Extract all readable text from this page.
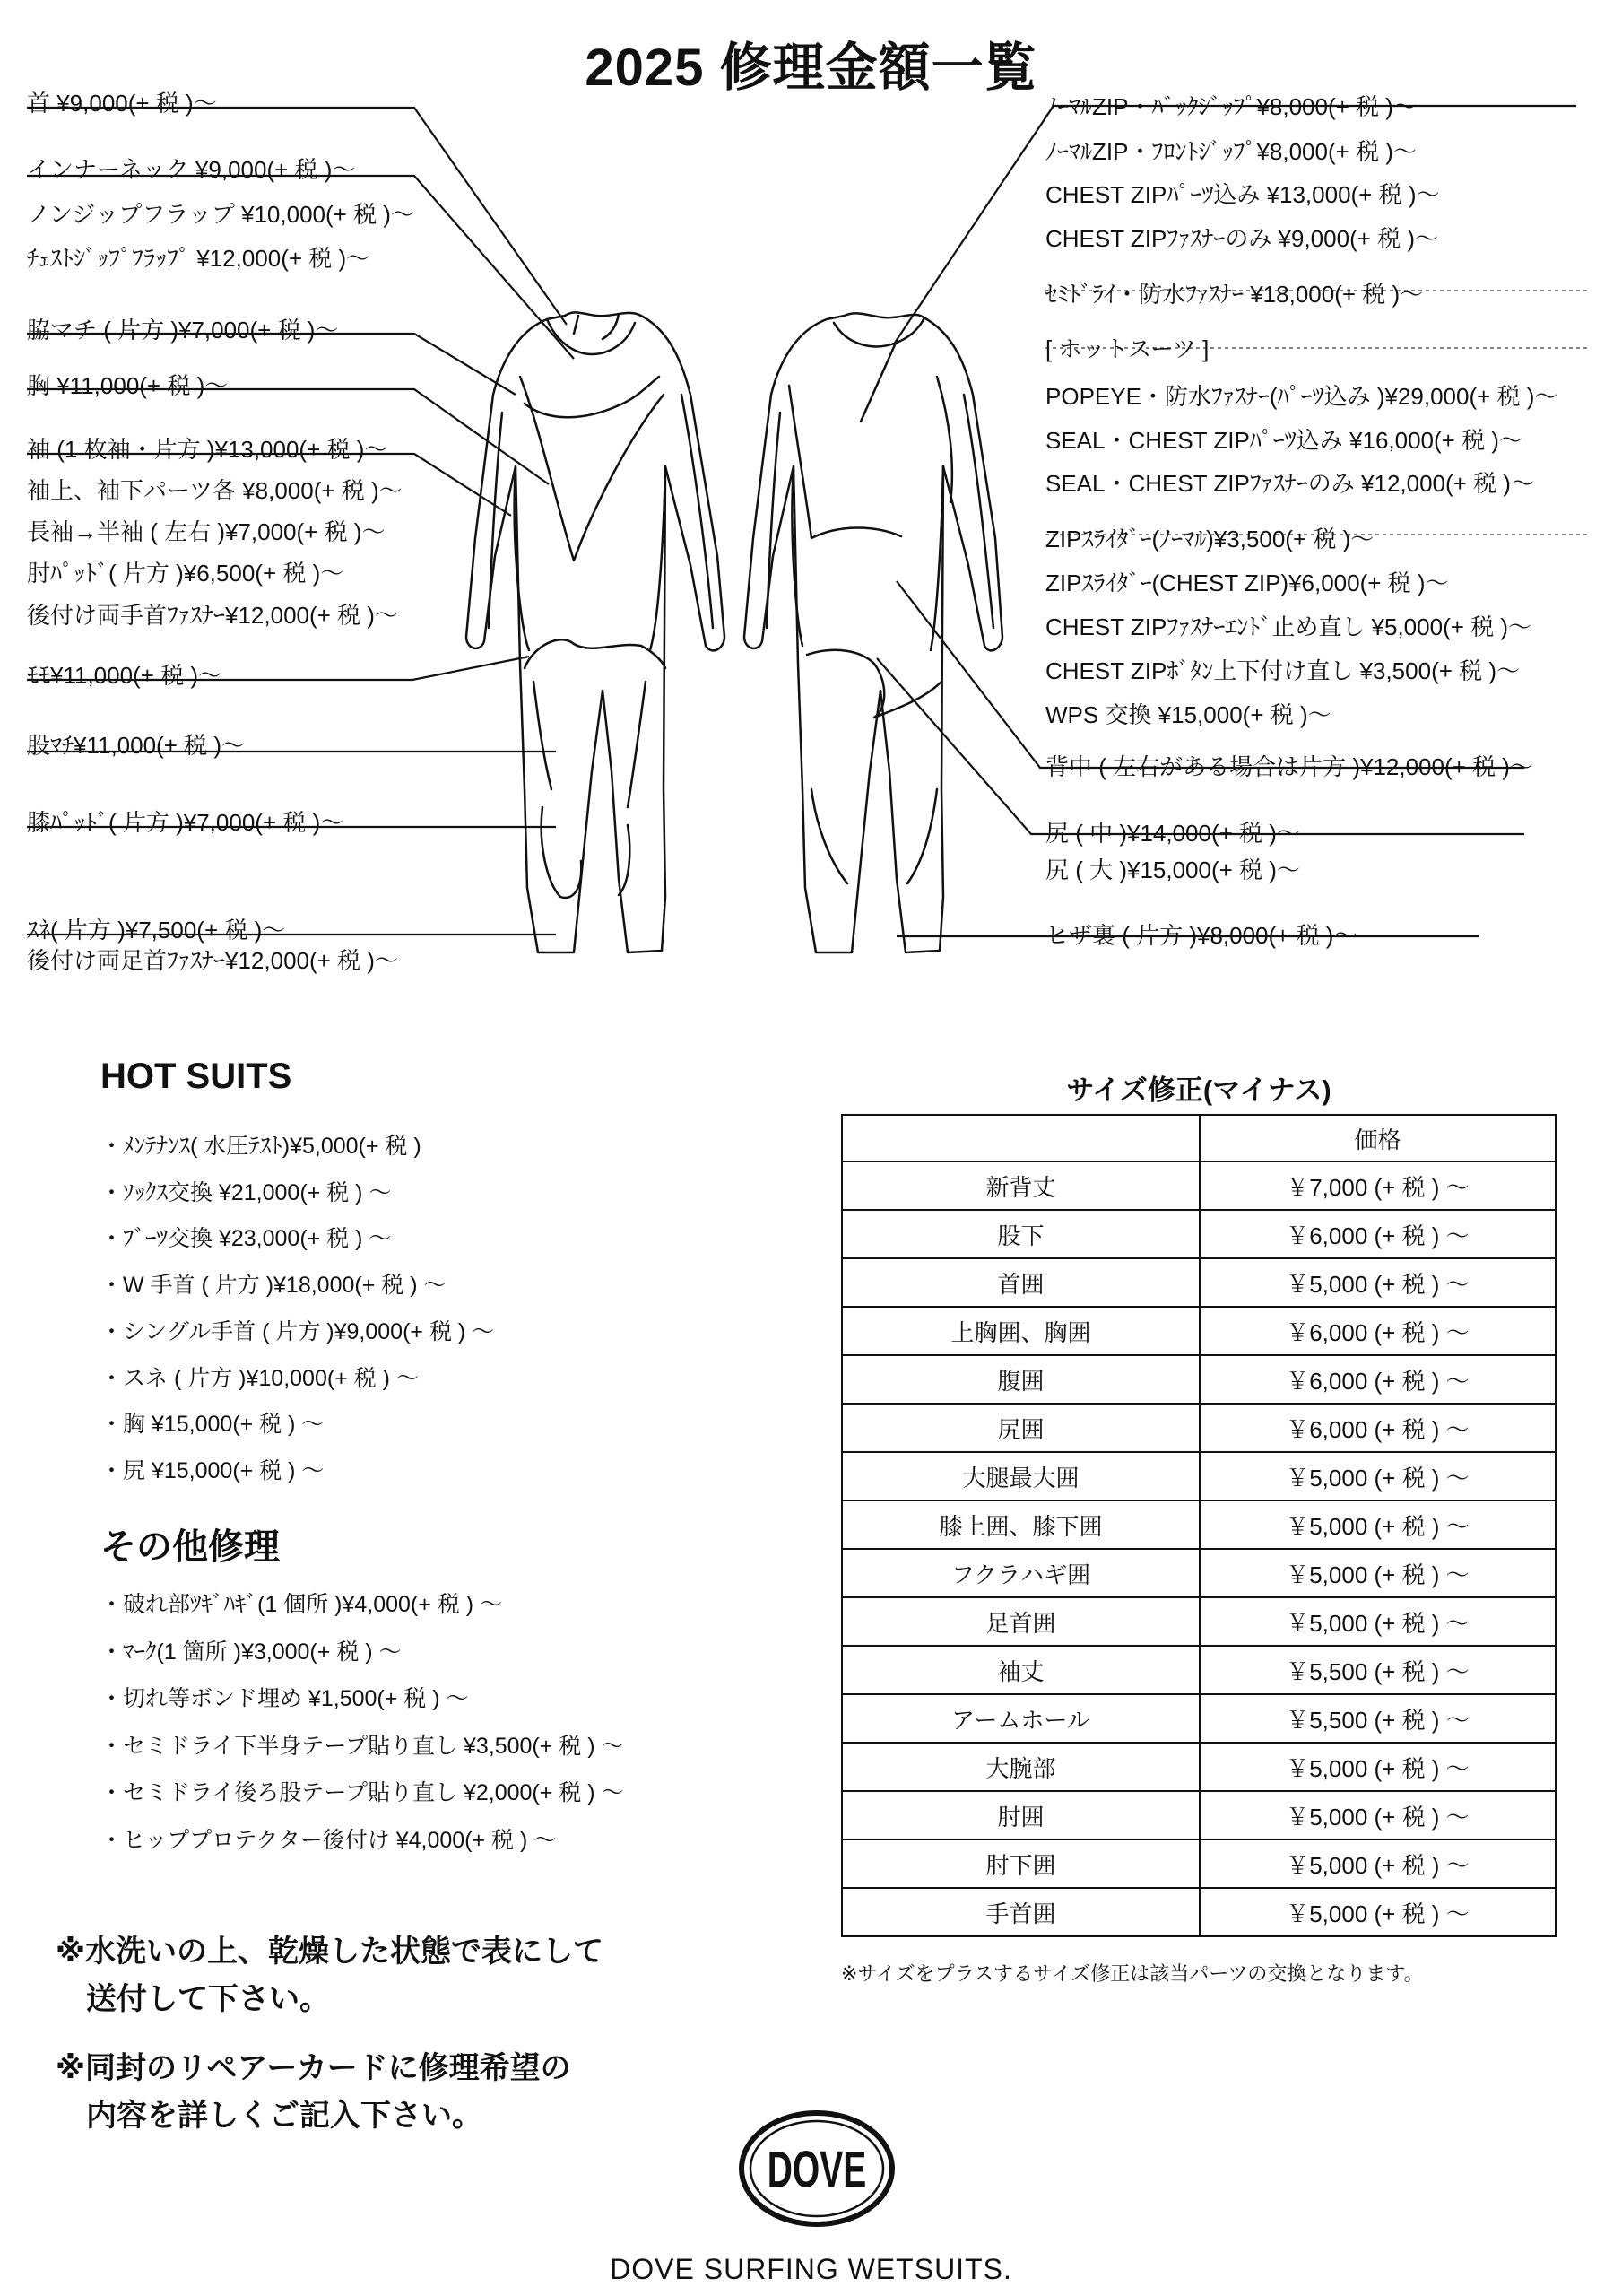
2025 修理金額一覧
首 ¥9,000(+ 税 )〜
インナーネック ¥9,000(+ 税 )〜
ノンジップフラップ ¥10,000(+ 税 )〜
ﾁｪｽﾄｼﾞｯﾌﾟﾌﾗｯﾌﾟ ¥12,000(+ 税 )〜
脇マチ ( 片方 )¥7,000(+ 税 )〜
胸 ¥11,000(+ 税 )〜
袖 (1 枚袖・片方 )¥13,000(+ 税 )〜
袖上、袖下パーツ各 ¥8,000(+ 税 )〜
長袖→半袖 ( 左右 )¥7,000(+ 税 )〜
肘ﾊﾟｯﾄﾞ( 片方 )¥6,500(+ 税 )〜
後付け両手首ﾌｧｽﾅｰ¥12,000(+ 税 )〜
ﾓﾓ¥11,000(+ 税 )〜
股ﾏﾁ¥11,000(+ 税 )〜
膝ﾊﾟｯﾄﾞ( 片方 )¥7,000(+ 税 )〜
ｽﾈ( 片方 )¥7,500(+ 税 )〜
後付け両足首ﾌｧｽﾅｰ¥12,000(+ 税 )〜
ﾉｰﾏﾙZIP・ﾊﾞｯｸｼﾞｯﾌﾟ¥8,000(+ 税 )〜
ﾉｰﾏﾙZIP・ﾌﾛﾝﾄｼﾞｯﾌﾟ¥8,000(+ 税 )〜
CHEST ZIPﾊﾟｰﾂ込み ¥13,000(+ 税 )〜
CHEST ZIPﾌｧｽﾅｰのみ ¥9,000(+ 税 )〜
ｾﾐﾄﾞﾗｲ・防水ﾌｧｽﾅｰ ¥18,000(+ 税 )〜
[ ホットスーツ ]
POPEYE・防水ﾌｧｽﾅｰ(ﾊﾟｰﾂ込み )¥29,000(+ 税 )〜
SEAL・CHEST ZIPﾊﾟｰﾂ込み ¥16,000(+ 税 )〜
SEAL・CHEST ZIPﾌｧｽﾅｰのみ ¥12,000(+ 税 )〜
ZIPｽﾗｲﾀﾞｰ(ﾉｰﾏﾙ)¥3,500(+ 税 )〜
ZIPｽﾗｲﾀﾞｰ(CHEST ZIP)¥6,000(+ 税 )〜
CHEST ZIPﾌｧｽﾅｰｴﾝﾄﾞ止め直し ¥5,000(+ 税 )〜
CHEST ZIPﾎﾞﾀﾝ上下付け直し ¥3,500(+ 税 )〜
WPS 交換 ¥15,000(+ 税 )〜
背中 ( 左右がある場合は片方 )¥12,000(+ 税 )〜
尻 ( 中 )¥14,000(+ 税 )〜
尻 ( 大 )¥15,000(+ 税 )〜
ヒザ裏 ( 片方 )¥8,000(+ 税 )〜
HOT SUITS
・ﾒﾝﾃﾅﾝｽ( 水圧ﾃｽﾄ)¥5,000(+ 税 )
・ｿｯｸｽ交換 ¥21,000(+ 税 ) 〜
・ﾌﾞｰﾂ交換 ¥23,000(+ 税 ) 〜
・W 手首 ( 片方 )¥18,000(+ 税 ) 〜
・シングル手首 ( 片方 )¥9,000(+ 税 ) 〜
・スネ ( 片方 )¥10,000(+ 税 ) 〜
・胸 ¥15,000(+ 税 ) 〜
・尻 ¥15,000(+ 税 ) 〜
その他修理
・破れ部ﾂｷﾞﾊｷﾞ(1 個所 )¥4,000(+ 税 ) 〜
・ﾏｰｸ(1 箇所 )¥3,000(+ 税 ) 〜
・切れ等ボンド埋め ¥1,500(+ 税 ) 〜
・セミドライ下半身テープ貼り直し ¥3,500(+ 税 ) 〜
・セミドライ後ろ股テープ貼り直し ¥2,000(+ 税 ) 〜
・ヒッププロテクター後付け ¥4,000(+ 税 ) 〜
※水洗いの上、乾燥した状態で表にして
　送付して下さい。
※同封のリペアーカードに修理希望の
　内容を詳しくご記入下さい。
サイズ修正(マイナス)
	価格
新背丈	￥7,000 (+ 税 ) 〜
股下	￥6,000 (+ 税 ) 〜
首囲	￥5,000 (+ 税 ) 〜
上胸囲、胸囲	￥6,000 (+ 税 ) 〜
腹囲	￥6,000 (+ 税 ) 〜
尻囲	￥6,000 (+ 税 ) 〜
大腿最大囲	￥5,000 (+ 税 ) 〜
膝上囲、膝下囲	￥5,000 (+ 税 ) 〜
フクラハギ囲	￥5,000 (+ 税 ) 〜
足首囲	￥5,000 (+ 税 ) 〜
袖丈	￥5,500 (+ 税 ) 〜
アームホール	￥5,500 (+ 税 ) 〜
大腕部	￥5,000 (+ 税 ) 〜
肘囲	￥5,000 (+ 税 ) 〜
肘下囲	￥5,000 (+ 税 ) 〜
手首囲	￥5,000 (+ 税 ) 〜
※サイズをプラスするサイズ修正は該当パーツの交換となります。
DOVE
DOVE SURFING WETSUITS.
